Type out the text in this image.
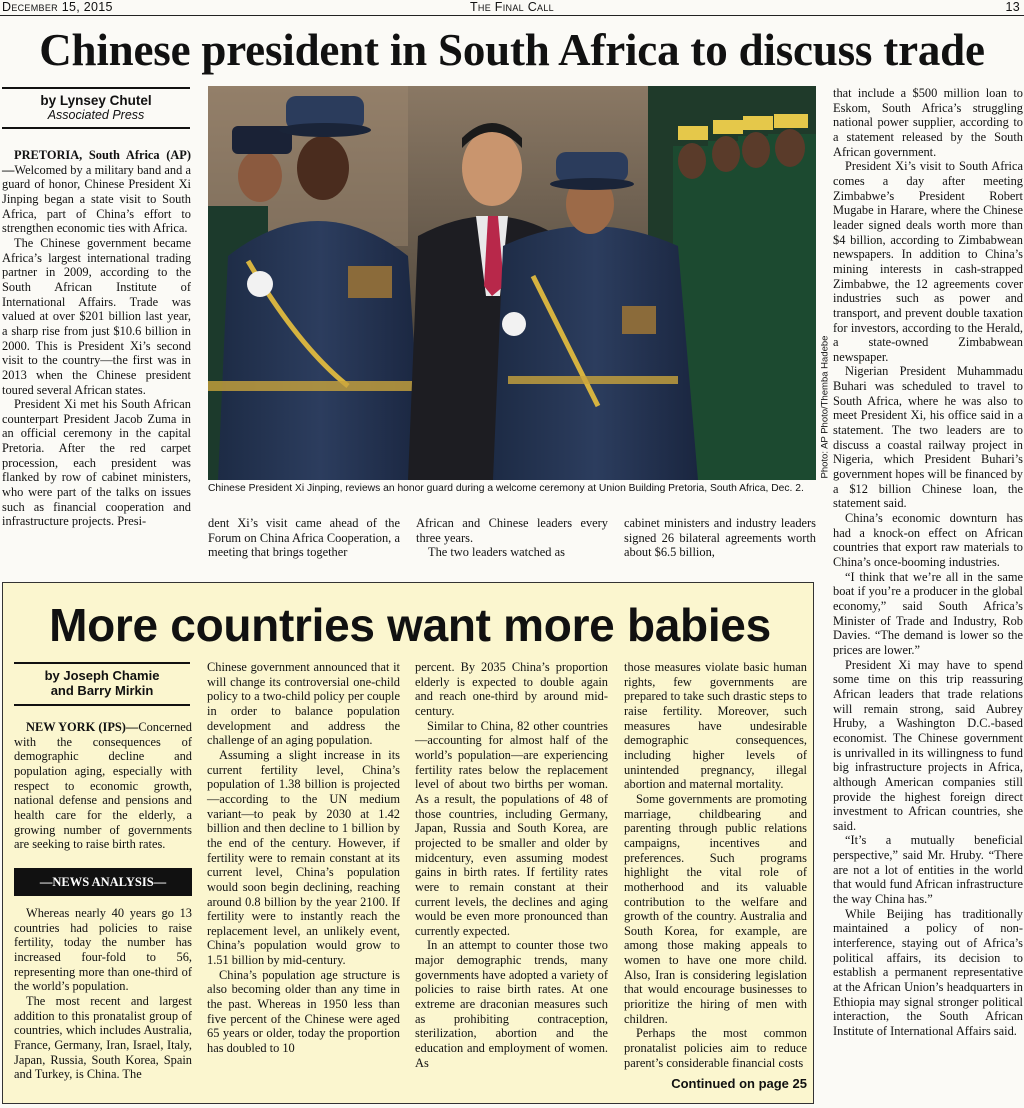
December 15, 2015	The Final Call	13
Chinese president in South Africa to discuss trade
by Lynsey Chutel
Associated Press

PRETORIA, South Africa (AP)—Welcomed by a military band and a guard of honor, Chinese President Xi Jinping began a state visit to South Africa, part of China’s effort to strengthen economic ties with Africa.

The Chinese government became Africa’s largest international trading partner in 2009, according to the South African Institute of International Affairs. Trade was valued at over $201 billion last year, a sharp rise from just $10.6 billion in 2000. This is President Xi’s second visit to the country—the first was in 2013 when the Chinese president toured several African states.

President Xi met his South African counterpart President Jacob Zuma in an official ceremony in the capital Pretoria. After the red carpet procession, each president was flanked by row of cabinet ministers, who were part of the talks on issues such as financial cooperation and infrastructure projects. Presi-

Photo: AP Photo/Themba Hadebe
Chinese President Xi Jinping, reviews an honor guard during a welcome ceremony at Union Building Pretoria, South Africa, Dec. 2.

dent Xi’s visit came ahead of the Forum on China Africa Cooperation, a meeting that brings together

African and Chinese leaders every three years.

The two leaders watched as

cabinet ministers and industry leaders signed 26 bilateral agreements worth about $6.5 billion,

that include a $500 million loan to Eskom, South Africa’s struggling national power supplier, according to a statement released by the South African government.

President Xi’s visit to South Africa comes a day after meeting Zimbabwe’s President Robert Mugabe in Harare, where the Chinese leader signed deals worth more than $4 billion, according to Zimbabwean newspapers. In addition to China’s mining interests in cash-strapped Zimbabwe, the 12 agreements cover industries such as power and transport, and prevent double taxation for investors, according to the Herald, a state-owned Zimbabwean newspaper.

Nigerian President Muhammadu Buhari was scheduled to travel to South Africa, where he was also to meet President Xi, his office said in a statement. The two leaders are to discuss a coastal railway project in Nigeria, which President Buhari’s government hopes will be financed by a $12 billion Chinese loan, the statement said.

China’s economic downturn has had a knock-on effect on African countries that export raw materials to China’s once-booming industries.

“I think that we’re all in the same boat if you’re a producer in the global economy,” said South Africa’s Minister of Trade and Industry, Rob Davies. “The demand is lower so the prices are lower.”

President Xi may have to spend some time on this trip reassuring African leaders that trade relations will remain strong, said Aubrey Hruby, a Washington D.C.-based economist. The Chinese government is unrivalled in its willingness to fund big infrastructure projects in Africa, although American companies still provide the highest foreign direct investment to African countries, she said.

“It’s a mutually beneficial perspective,” said Mr. Hruby. “There are not a lot of entities in the world that would fund African infrastructure the way China has.”

While Beijing has traditionally maintained a policy of non-interference, staying out of Africa’s political affairs, its decision to establish a permanent representative at the African Union’s headquarters in Ethiopia may signal stronger political interaction, the South African Institute of International Affairs said.

More countries want more babies
by Joseph Chamie
and Barry Mirkin

NEW YORK (IPS)—Concerned with the consequences of demographic decline and population aging, especially with respect to economic growth, national defense and pensions and health care for the elderly, a growing number of governments are seeking to raise birth rates.

—NEWS ANALYSIS—

Whereas nearly 40 years go 13 countries had policies to raise fertility, today the number has increased four-fold to 56, representing more than one-third of the world’s population.

The most recent and largest addition to this pronatalist group of countries, which includes Australia, France, Germany, Iran, Israel, Italy, Japan, Russia, South Korea, Spain and Turkey, is China. The

Chinese government announced that it will change its controversial one-child policy to a two-child policy per couple in order to balance population development and address the challenge of an aging population.

Assuming a slight increase in its current fertility level, China’s population of 1.38 billion is projected—according to the UN medium variant—to peak by 2030 at 1.42 billion and then decline to 1 billion by the end of the century. However, if fertility were to remain constant at its current level, China’s population would soon begin declining, reaching around 0.8 billion by the year 2100. If fertility were to instantly reach the replacement level, an unlikely event, China’s population would grow to 1.51 billion by mid-century.

China’s population age structure is also becoming older than any time in the past. Whereas in 1950 less than five percent of the Chinese were aged 65 years or older, today the proportion has doubled to 10

percent. By 2035 China’s proportion elderly is expected to double again and reach one-third by around mid-century.

Similar to China, 82 other countries—accounting for almost half of the world’s population—are experiencing fertility rates below the replacement level of about two births per woman. As a result, the populations of 48 of those countries, including Germany, Japan, Russia and South Korea, are projected to be smaller and older by midcentury, even assuming modest gains in birth rates. If fertility rates were to remain constant at their current levels, the declines and aging would be even more pronounced than currently expected.

In an attempt to counter those two major demographic trends, many governments have adopted a variety of policies to raise birth rates. At one extreme are draconian measures such as prohibiting contraception, sterilization, abortion and the education and employment of women. As

those measures violate basic human rights, few governments are prepared to take such drastic steps to raise fertility. Moreover, such measures have undesirable demographic consequences, including higher levels of unintended pregnancy, illegal abortion and maternal mortality.

Some governments are promoting marriage, childbearing and parenting through public relations campaigns, incentives and preferences. Such programs highlight the vital role of motherhood and its valuable contribution to the welfare and growth of the country. Australia and South Korea, for example, are among those making appeals to women to have one more child. Also, Iran is considering legislation that would encourage businesses to prioritize the hiring of men with children.

Perhaps the most common pronatalist policies aim to reduce parent’s considerable financial costs

Continued on page 25
